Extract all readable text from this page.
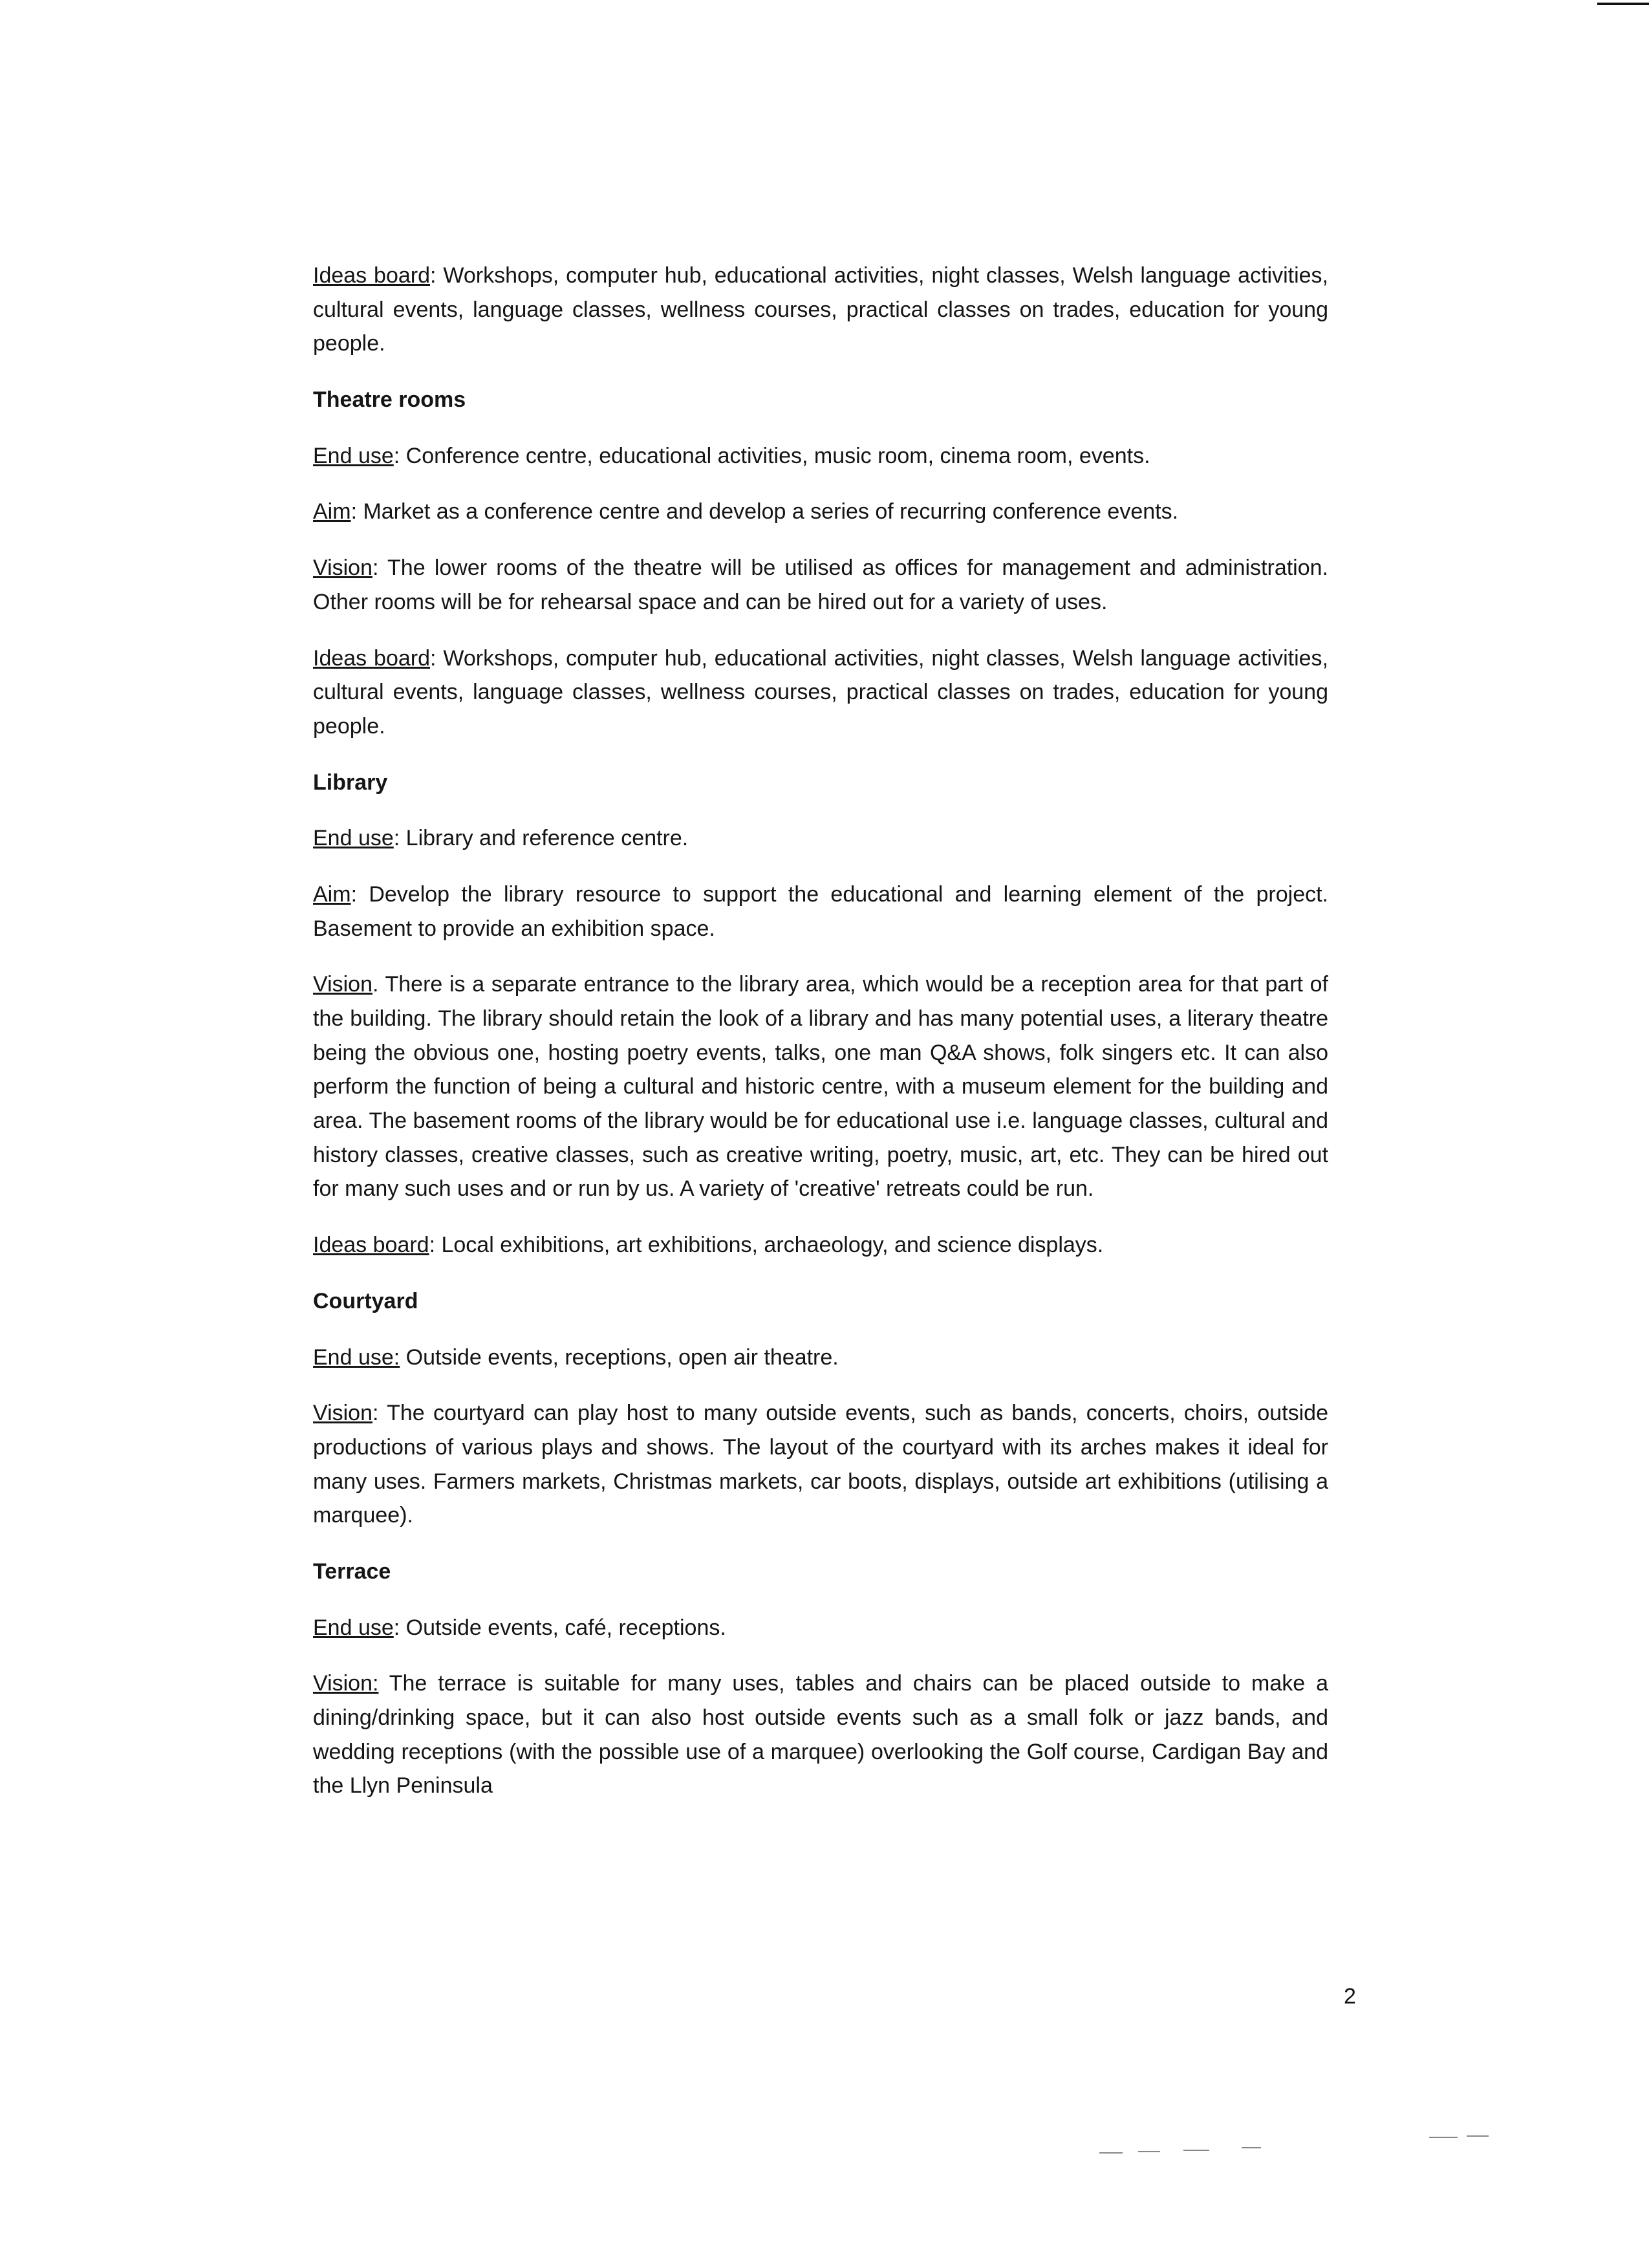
Ideas board: Workshops, computer hub, educational activities, night classes, Welsh language activities, cultural events, language classes, wellness courses, practical classes on trades, education for young people.

Theatre rooms

End use: Conference centre, educational activities, music room, cinema room, events.

Aim: Market as a conference centre and develop a series of recurring conference events.

Vision: The lower rooms of the theatre will be utilised as offices for management and administration. Other rooms will be for rehearsal space and can be hired out for a variety of uses.

Ideas board: Workshops, computer hub, educational activities, night classes, Welsh language activities, cultural events, language classes, wellness courses, practical classes on trades, education for young people.

Library

End use: Library and reference centre.

Aim: Develop the library resource to support the educational and learning element of the project. Basement to provide an exhibition space.

Vision. There is a separate entrance to the library area, which would be a reception area for that part of the building. The library should retain the look of a library and has many potential uses, a literary theatre being the obvious one, hosting poetry events, talks, one man Q&A shows, folk singers etc. It can also perform the function of being a cultural and historic centre, with a museum element for the building and area. The basement rooms of the library would be for educational use i.e. language classes, cultural and history classes, creative classes, such as creative writing, poetry, music, art, etc. They can be hired out for many such uses and or run by us. A variety of 'creative' retreats could be run.

Ideas board: Local exhibitions, art exhibitions, archaeology, and science displays.

Courtyard

End use: Outside events, receptions, open air theatre.

Vision: The courtyard can play host to many outside events, such as bands, concerts, choirs, outside productions of various plays and shows. The layout of the courtyard with its arches makes it ideal for many uses. Farmers markets, Christmas markets, car boots, displays, outside art exhibitions (utilising a marquee).

Terrace

End use: Outside events, café, receptions.

Vision: The terrace is suitable for many uses, tables and chairs can be placed outside to make a dining/drinking space, but it can also host outside events such as a small folk or jazz bands, and wedding receptions (with the possible use of a marquee) overlooking the Golf course, Cardigan Bay and the Llyn Peninsula

2
